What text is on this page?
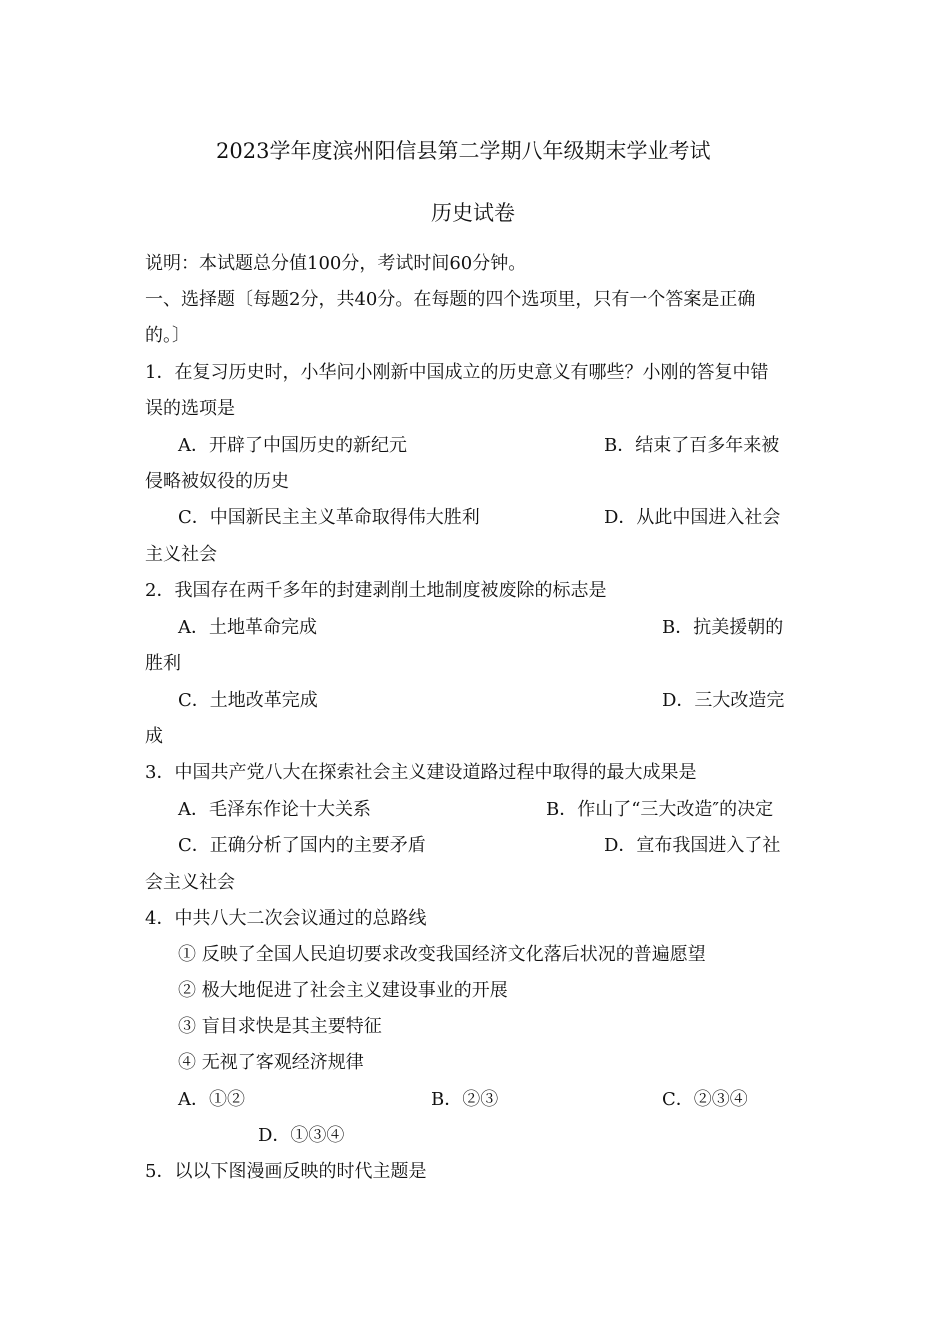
2023学年度滨州阳信县第二学期八年级期末学业考试
历史试卷
说明：本试题总分值100分，考试时间60分钟。
一、选择题〔每题2分，共40分。在每题的四个选项里，只有一个答案是正确
的。〕
1．在复习历史时，小华问小刚新中国成立的历史意义有哪些？小刚的答复中错
误的选项是
A．开辟了中国历史的新纪元	B．结束了百多年来被
侵略被奴役的历史
C．中国新民主主义革命取得伟大胜利	D．从此中国进入社会
主义社会
2．我国存在两千多年的封建剥削土地制度被废除的标志是
A．土地革命完成	B．抗美援朝的
胜利
C．土地改革完成	D．三大改造完
成
3．中国共产党八大在探索社会主义建设道路过程中取得的最大成果是
A．毛泽东作论十大关系	B．作山了“三大改造″的决定
C．正确分析了国内的主要矛盾	D．宣布我国进入了社
会主义社会
4．中共八大二次会议通过的总路线
① 反映了全国人民迫切要求改变我国经济文化落后状况的普遍愿望
② 极大地促进了社会主义建设事业的开展
③ 盲目求快是其主要特征
④ 无视了客观经济规律
A．①②	B．②③	C．②③④
D．①③④
5．以以下图漫画反映的时代主题是
